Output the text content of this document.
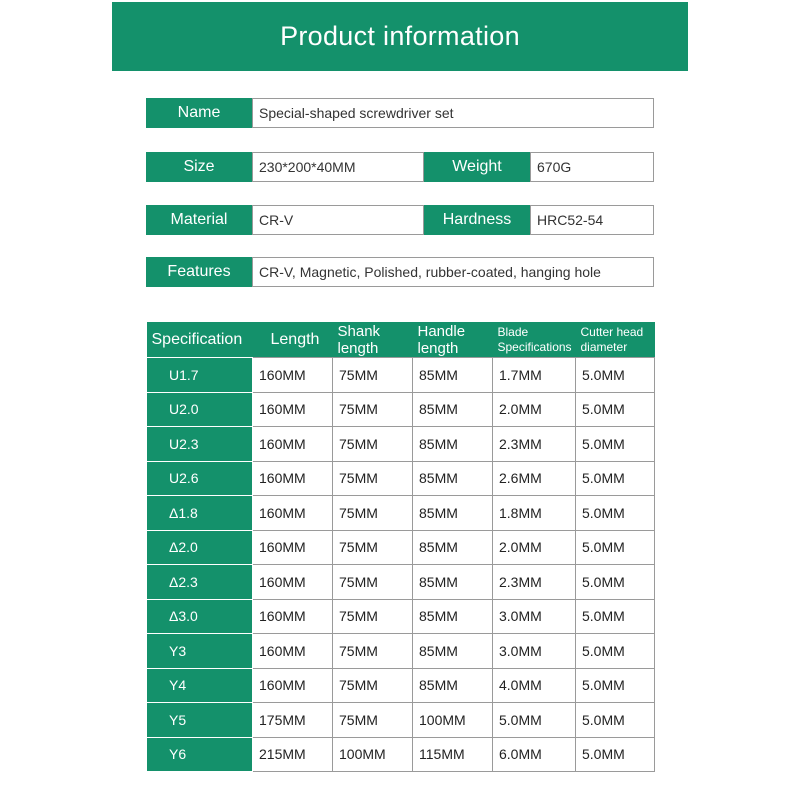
Product information
Name	Special-shaped screwdriver set
Size	230*200*40MM	Weight	670G
Material	CR-V	Hardness	HRC52-54
Features	CR-V, Magnetic, Polished, rubber-coated, hanging hole
Specification	Length	Shank length	Handle length	Blade Specifications	Cutter head diameter
U1.7	160MM	75MM	85MM	1.7MM	5.0MM
U2.0	160MM	75MM	85MM	2.0MM	5.0MM
U2.3	160MM	75MM	85MM	2.3MM	5.0MM
U2.6	160MM	75MM	85MM	2.6MM	5.0MM
Δ1.8	160MM	75MM	85MM	1.8MM	5.0MM
Δ2.0	160MM	75MM	85MM	2.0MM	5.0MM
Δ2.3	160MM	75MM	85MM	2.3MM	5.0MM
Δ3.0	160MM	75MM	85MM	3.0MM	5.0MM
Y3	160MM	75MM	85MM	3.0MM	5.0MM
Y4	160MM	75MM	85MM	4.0MM	5.0MM
Y5	175MM	75MM	100MM	5.0MM	5.0MM
Y6	215MM	100MM	115MM	6.0MM	5.0MM
